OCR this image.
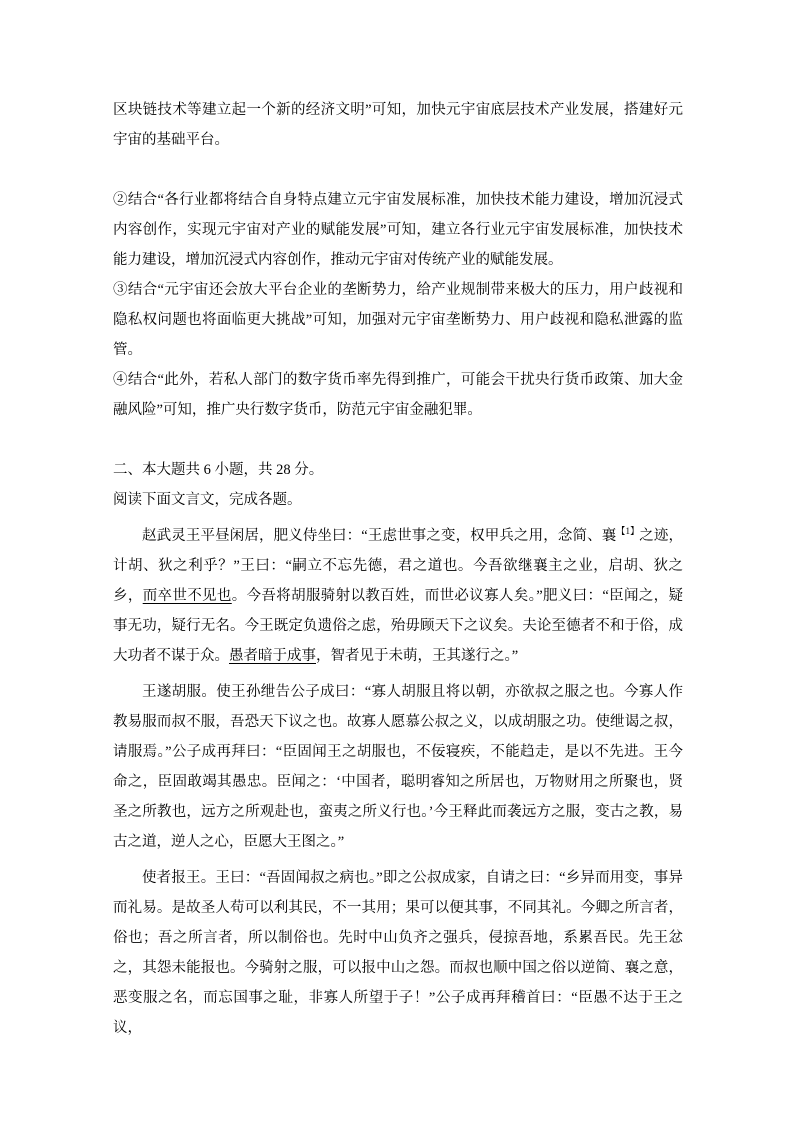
区块链技术等建立起一个新的经济文明”可知，加快元宇宙底层技术产业发展，搭建好元宇宙的基础平台。

②结合“各行业都将结合自身特点建立元宇宙发展标准，加快技术能力建设，增加沉浸式内容创作，实现元宇宙对产业的赋能发展”可知，建立各行业元宇宙发展标准，加快技术能力建设，增加沉浸式内容创作，推动元宇宙对传统产业的赋能发展。

③结合“元宇宙还会放大平台企业的垄断势力，给产业规制带来极大的压力，用户歧视和隐私权问题也将面临更大挑战”可知，加强对元宇宙垄断势力、用户歧视和隐私泄露的监管。

④结合“此外，若私人部门的数字货币率先得到推广，可能会干扰央行货币政策、加大金融风险”可知，推广央行数字货币，防范元宇宙金融犯罪。

二、本大题共 6 小题，共 28 分。

阅读下面文言文，完成各题。

赵武灵王平昼闲居，肥义侍坐曰：“王虑世事之变，权甲兵之用，念简、襄$^{【1】}$之迹，计胡、狄之利乎？”王曰：“嗣立不忘先德，君之道也。今吾欲继襄主之业，启胡、狄之乡，而卒世不见也。今吾将胡服骑射以教百姓，而世必议寡人矣。”肥义曰：“臣闻之，疑事无功，疑行无名。今王既定负遗俗之虑，殆毋顾天下之议矣。夫论至德者不和于俗，成大功者不谋于众。愚者暗于成事，智者见于未萌，王其遂行之。”

王遂胡服。使王孙绁告公子成曰：“寡人胡服且将以朝，亦欲叔之服之也。今寡人作教易服而叔不服，吾恐天下议之也。故寡人愿慕公叔之义，以成胡服之功。使绁谒之叔，请服焉。”公子成再拜曰：“臣固闻王之胡服也，不佞寝疾，不能趋走，是以不先进。王今命之，臣固敢竭其愚忠。臣闻之：‘中国者，聪明睿知之所居也，万物财用之所聚也，贤圣之所教也，远方之所观赴也，蛮夷之所义行也。’今王释此而袭远方之服，变古之教，易古之道，逆人之心，臣愿大王图之。”

使者报王。王曰：“吾固闻叔之病也。”即之公叔成家，自请之曰：“乡异而用变，事异而礼易。是故圣人苟可以利其民，不一其用；果可以便其事，不同其礼。今卿之所言者，俗也；吾之所言者，所以制俗也。先时中山负齐之强兵，侵掠吾地，系累吾民。先王忿之，其怨未能报也。今骑射之服，可以报中山之怨。而叔也顺中国之俗以逆简、襄之意，恶变服之名，而忘国事之耻，非寡人所望于子！”公子成再拜稽首曰：“臣愚不达于王之议，
